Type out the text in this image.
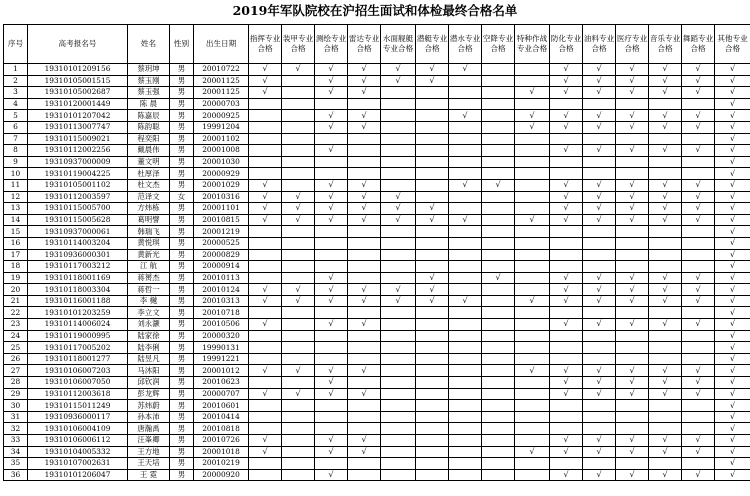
2019年军队院校在沪招生面试和体检最终合格名单
序号	高考报名号	姓名	性别	出生日期	指挥专业合格	装甲专业合格	测绘专业合格	雷达专业合格	水面舰艇专业合格	潜艇专业合格	潜水专业合格	空降专业合格	特种作战专业合格	防化专业合格	油料专业合格	医疗专业合格	音乐专业合格	舞蹈专业合格	其他专业合格
1	19310101209156	蔡玥坤	男	20010722	√	√	√	√	√	√	√			√	√	√	√	√	√
2	19310105001515	蔡玉刚	男	20001125	√		√	√	√	√				√	√	√	√	√	√
3	19310105002687	蔡玉强	男	20001125	√		√	√					√	√	√	√	√	√	√
4	19310120001449	陈 晨	男	20000703															√
5	19310101207042	陈嘉辰	男	20000925			√	√			√		√	√	√	√	√	√	√
6	19310113007747	陈韵聪	男	19991204			√	√					√	√	√	√	√	√	√
7	19310115009021	程奕阳	男	20001102															√
8	19310112002256	戴晨伟	男	20001008			√							√	√	√	√	√	√
9	19310937000009	董文明	男	20001030															√
10	19310119004225	杜厚泽	男	20000929															√
11	19310105001102	杜文杰	男	20001029	√		√	√			√	√		√	√	√	√	√	√
12	19310112003597	范译文	女	20010316	√	√	√	√	√					√	√	√	√	√	√
13	19310115005700	方炜栋	男	20001101	√	√	√	√	√	√				√	√	√	√	√	√
14	19310115005628	葛明譬	男	20010815	√	√	√	√	√	√	√		√	√	√	√	√	√	√
15	19310937000061	韩瑞飞	男	20001219															√
16	19310114003204	黄悦琪	男	20000525															√
17	19310936000301	黄新光	男	20000829															√
18	19310117003212	江 航	男	20000914															√
19	19310118001169	蒋赟杰	男	20010113			√			√		√		√	√	√	√	√	√
20	19310118003304	蒋哲一	男	20010124	√	√	√	√	√	√				√	√	√	√	√	√
21	19310116001188	李 樾	男	20010313	√	√	√	√	√	√	√		√	√	√	√	√	√	√
22	19310101203259	李立文	男	20010718															√
23	19310114006024	刘永灏	男	20010506	√		√	√						√	√	√	√	√	√
24	19310119000995	陆家徐	男	20000320															√
25	19310117005202	陆李俐	男	19990131															√
26	19310118001277	陆昱凡	男	19991221															√
27	19310106007203	马沐阳	男	20001012	√	√	√	√					√	√	√	√	√	√	√
28	19310106007050	邱钦润	男	20010623			√							√	√	√	√	√	√
29	19310112003618	彭龙辉	男	20000707	√	√	√	√						√	√	√	√	√	√
30	19310115011249	苏炜蔚	男	20010601															√
31	19310936000117	孙本沛	男	20010414															√
32	19310106004109	唐瀚禹	男	20010818															√
33	19310106006112	汪峯卿	男	20010726	√		√	√						√	√	√	√	√	√
34	19310104005332	王方地	男	20001018	√		√	√					√	√	√	√	√	√	√
35	19310107002631	王天培	男	20010219															√
36	19310101206047	王 霓	男	20000920			√							√	√	√	√	√	√
